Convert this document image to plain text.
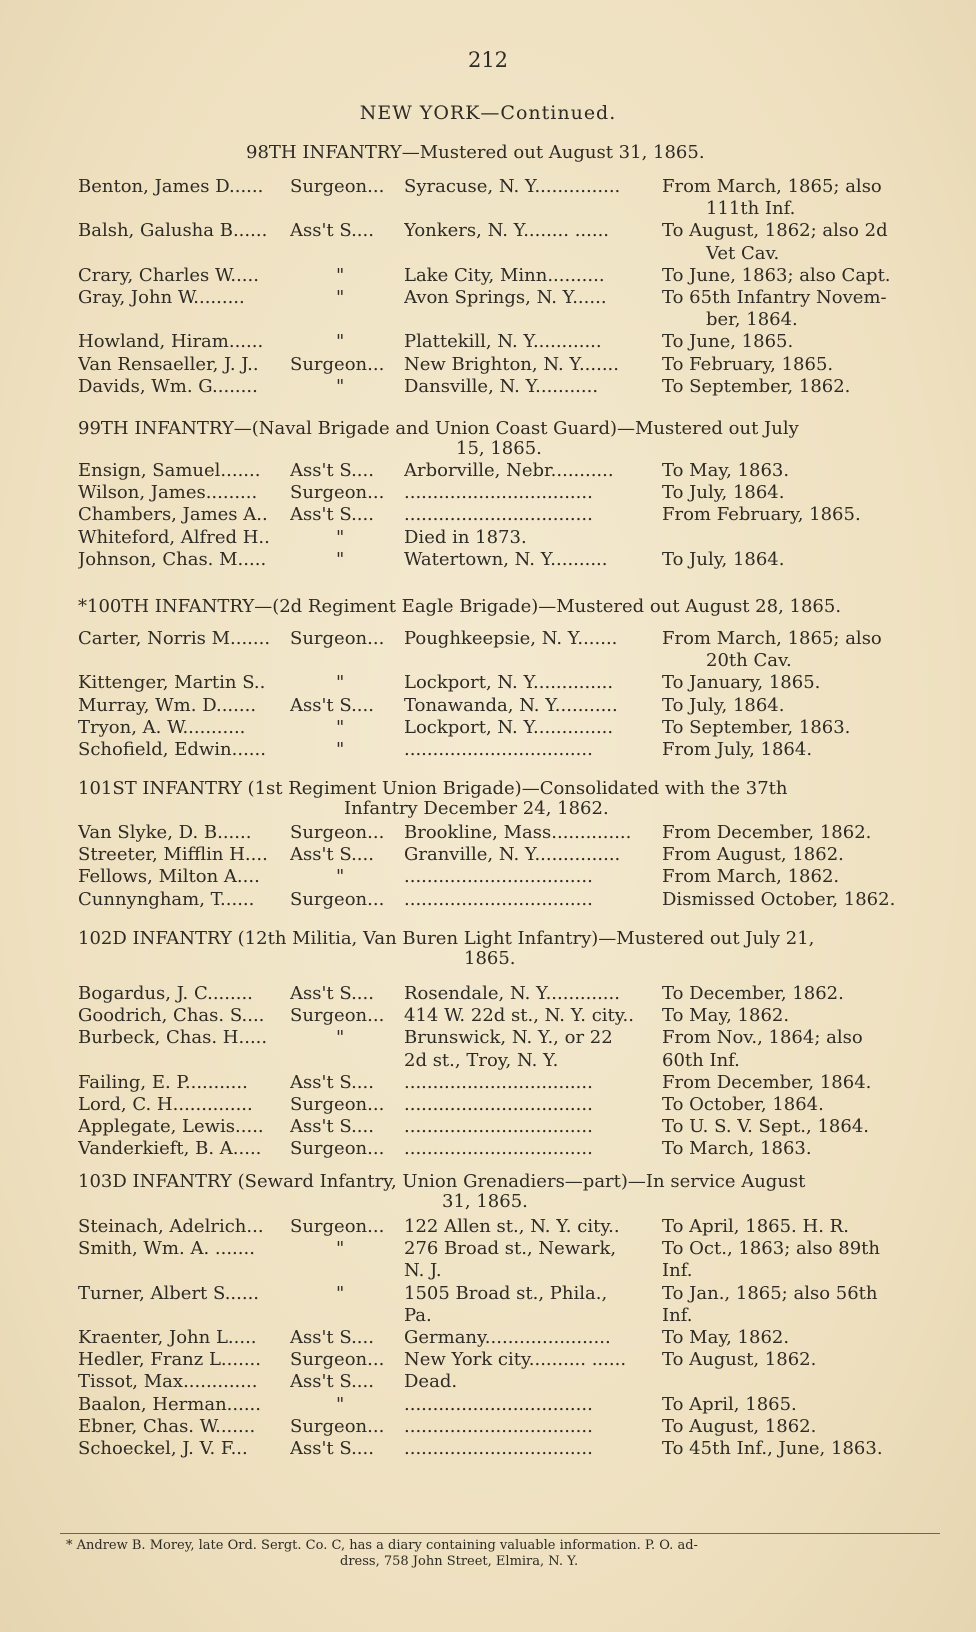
212
NEW YORK—Continued.
98TH INFANTRY—Mustered out August 31, 1865.
Benton, James D......	Surgeon...	Syracuse, N. Y...............	From March, 1865; also
111th Inf.
Balsh, Galusha B......	Ass't S....	Yonkers, N. Y........ ......	To August, 1862; also 2d
Vet Cav.
Crary, Charles W.....	"	Lake City, Minn..........	To June, 1863; also Capt.
Gray, John W.........	"	Avon Springs, N. Y......	To 65th Infantry Novem-
ber, 1864.
Howland, Hiram......	"	Plattekill, N. Y............	To June, 1865.
Van Rensaeller, J. J..	Surgeon...	New Brighton, N. Y.......	To February, 1865.
Davids, Wm. G........	"	Dansville, N. Y...........	To September, 1862.
99TH INFANTRY—(Naval Brigade and Union Coast Guard)—Mustered out July
15, 1865.
Ensign, Samuel.......	Ass't S....	Arborville, Nebr...........	To May, 1863.
Wilson, James.........	Surgeon...	.................................	To July, 1864.
Chambers, James A..	Ass't S....	.................................	From February, 1865.
Whiteford, Alfred H..	"	Died in 1873.
Johnson, Chas. M.....	"	Watertown, N. Y..........	To July, 1864.
*100TH INFANTRY—(2d Regiment Eagle Brigade)—Mustered out August 28, 1865.
Carter, Norris M.......	Surgeon...	Poughkeepsie, N. Y.......	From March, 1865; also
20th Cav.
Kittenger, Martin S..	"	Lockport, N. Y..............	To January, 1865.
Murray, Wm. D.......	Ass't S....	Tonawanda, N. Y...........	To July, 1864.
Tryon, A. W...........	"	Lockport, N. Y..............	To September, 1863.
Schofield, Edwin......	"	.................................	From July, 1864.
101ST INFANTRY (1st Regiment Union Brigade)—Consolidated with the 37th
Infantry December 24, 1862.
Van Slyke, D. B......	Surgeon...	Brookline, Mass..............	From December, 1862.
Streeter, Mifflin H....	Ass't S....	Granville, N. Y...............	From August, 1862.
Fellows, Milton A....	"	.................................	From March, 1862.
Cunnyngham, T......	Surgeon...	.................................	Dismissed October, 1862.
102D INFANTRY (12th Militia, Van Buren Light Infantry)—Mustered out July 21,
1865.
Bogardus, J. C........	Ass't S....	Rosendale, N. Y.............	To December, 1862.
Goodrich, Chas. S....	Surgeon...	414 W. 22d st., N. Y. city..	To May, 1862.
Burbeck, Chas. H.....	"	Brunswick, N. Y., or 22	From Nov., 1864; also
2d st., Troy, N. Y.	60th Inf.
Failing, E. P...........	Ass't S....	.................................	From December, 1864.
Lord, C. H..............	Surgeon...	.................................	To October, 1864.
Applegate, Lewis.....	Ass't S....	.................................	To U. S. V. Sept., 1864.
Vanderkieft, B. A.....	Surgeon...	.................................	To March, 1863.
103D INFANTRY (Seward Infantry, Union Grenadiers—part)—In service August
31, 1865.
Steinach, Adelrich...	Surgeon...	122 Allen st., N. Y. city..	To April, 1865. H. R.
Smith, Wm. A. .......	"	276 Broad st., Newark,	To Oct., 1863; also 89th
N. J.	Inf.
Turner, Albert S......	"	1505 Broad st., Phila.,	To Jan., 1865; also 56th
Pa.	Inf.
Kraenter, John L.....	Ass't S....	Germany......................	To May, 1862.
Hedler, Franz L.......	Surgeon...	New York city.......... ......	To August, 1862.
Tissot, Max.............	Ass't S....	Dead.
Baalon, Herman......	"	.................................	To April, 1865.
Ebner, Chas. W.......	Surgeon...	.................................	To August, 1862.
Schoeckel, J. V. F...	Ass't S....	.................................	To 45th Inf., June, 1863.
* Andrew B. Morey, late Ord. Sergt. Co. C, has a diary containing valuable information. P. O. ad-
dress, 758 John Street, Elmira, N. Y.
